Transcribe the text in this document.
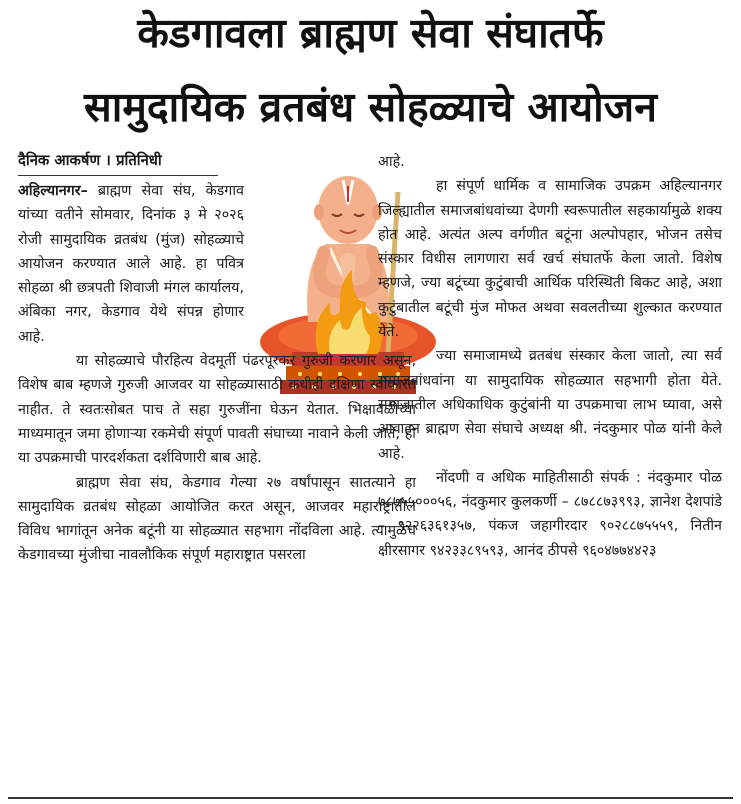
केडगावला ब्राह्मण सेवा संघातर्फे
सामुदायिक व्रतबंध सोहळ्याचे आयोजन
दैनिक आकर्षण । प्रतिनिधी

अहिल्यानगर– ब्राह्मण सेवा संघ, केडगाव यांच्या वतीने सोमवार, दिनांक ३ मे २०२६ रोजी सामुदायिक व्रतबंध (मुंज) सोहळ्याचे आयोजन करण्यात आले आहे. हा पवित्र सोहळा श्री छत्रपती शिवाजी मंगल कार्यालय, अंबिका नगर, केडगाव येथे संपन्न होणार आहे.

या सोहळ्याचे पौरहित्य वेदमूर्ती पंढरपूरकर गुरुजी करणार असून, विशेष बाब म्हणजे गुरुजी आजवर या सोहळ्यासाठी कधीही दक्षिणा स्वीकारत नाहीत. ते स्वतःसोबत पाच ते सहा गुरुजींना घेऊन येतात. भिक्षावळीच्या माध्यमातून जमा होणाऱ्या रकमेची संपूर्ण पावती संघाच्या नावाने केली जाते, ही या उपक्रमाची पारदर्शकता दर्शविणारी बाब आहे.

ब्राह्मण सेवा संघ, केडगाव गेल्या २७ वर्षांपासून सातत्याने हा सामुदायिक व्रतबंध सोहळा आयोजित करत असून, आजवर महाराष्ट्रातील विविध भागांतून अनेक बटूंनी या सोहळ्यात सहभाग नोंदविला आहे. त्यामुळेच केडगावच्या मुंजीचा नावलौकिक संपूर्ण महाराष्ट्रात पसरला

आहे.

हा संपूर्ण धार्मिक व सामाजिक उपक्रम अहिल्यानगर जिल्ह्यातील समाजबांधवांच्या देणगी स्वरूपातील सहकार्यामुळे शक्य होत आहे. अत्यंत अल्प वर्गणीत बटूंना अल्पोपहार, भोजन तसेच संस्कार विधीस लागणारा सर्व खर्च संघातर्फे केला जातो. विशेष म्हणजे, ज्या बटूंच्या कुटुंबाची आर्थिक परिस्थिती बिकट आहे, अशा कुटुंबातील बटूंची मुंज मोफत अथवा सवलतीच्या शुल्कात करण्यात येते.

ज्या समाजामध्ये व्रतबंध संस्कार केला जातो, त्या सर्व समाजबांधवांना या सामुदायिक सोहळ्यात सहभागी होता येते. समाजातील अधिकाधिक कुटुंबांनी या उपक्रमाचा लाभ घ्यावा, असे आवाहन ब्राह्मण सेवा संघाचे अध्यक्ष श्री. नंदकुमार पोळ यांनी केले आहे.

नोंदणी व अधिक माहितीसाठी संपर्क : नंदकुमार पोळ ७८७५५०००५६, नंदकुमार कुलकर्णी – ८७८८७३९९३, ज्ञानेश देशपांडे – ९२२६३६१३५७, पंकज जहागीरदार ९०२८८७५५५९, नितीन क्षीरसागर ९४२३३८९५९३, आनंद ठीपसे ९६०४७७४४२३
